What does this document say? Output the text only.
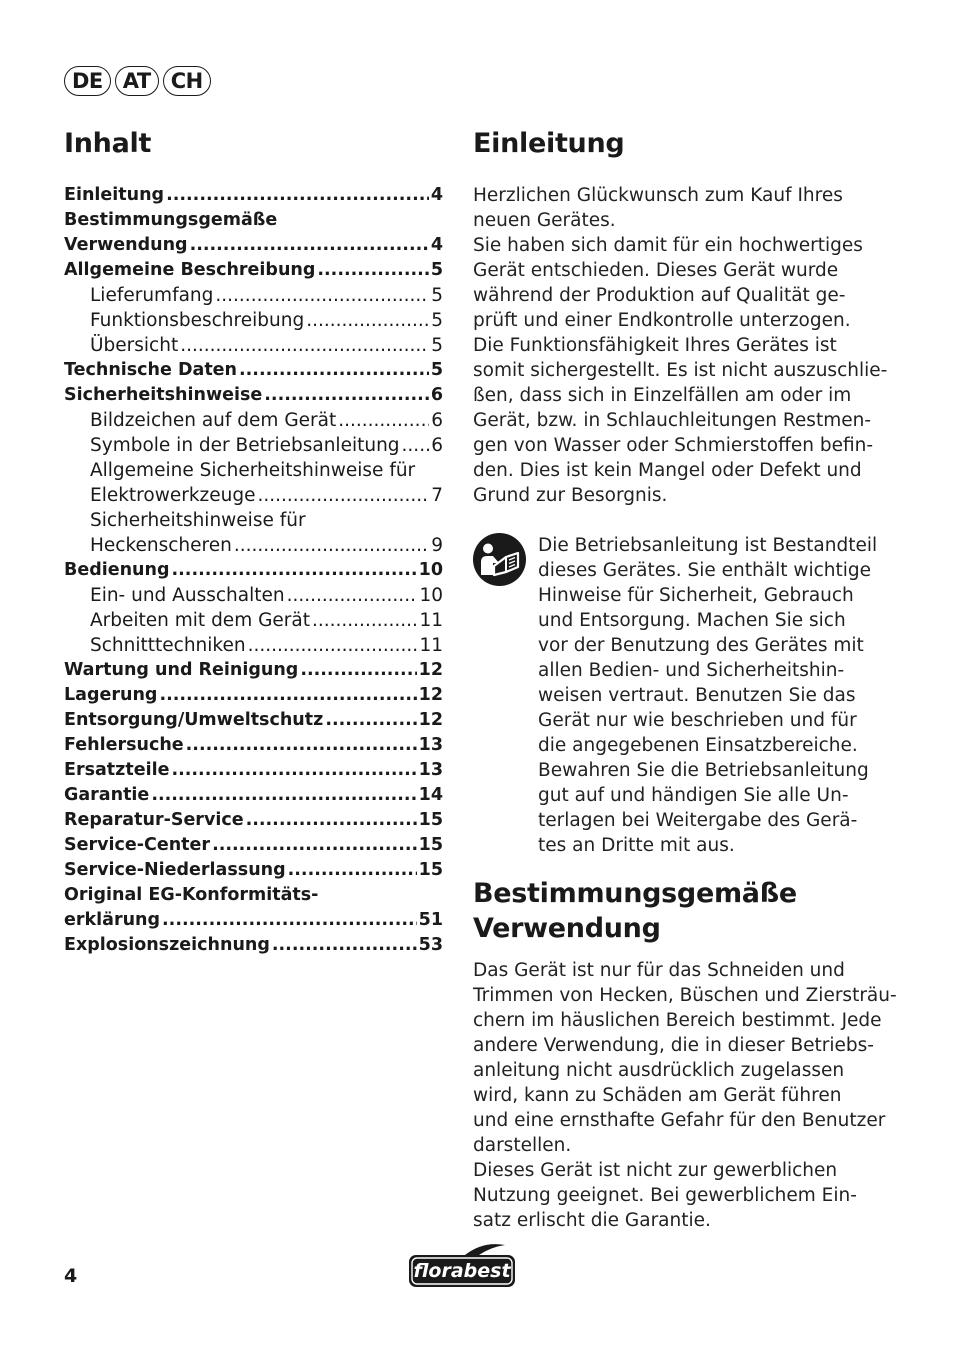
DE AT CH
Inhalt
Einleitung .....	4
Bestimmungsgemäße
Verwendung .....	4
Allgemeine Beschreibung .....	5
Lieferumfang .....	5
Funktionsbeschreibung .....	5
Übersicht .....	5
Technische Daten .....	5
Sicherheitshinweise .....	6
Bildzeichen auf dem Gerät .....	6
Symbole in der Betriebsanleitung ..... 6
Allgemeine Sicherheitshinweise für
Elektrowerkzeuge .....	7
Sicherheitshinweise für
Heckenscheren .....	9
Bedienung .....	10
Ein- und Ausschalten .....	10
Arbeiten mit dem Gerät .....	11
Schnitttechniken .....	11
Wartung und Reinigung .....	12
Lagerung .....	12
Entsorgung/Umweltschutz .....	12
Fehlersuche .....	13
Ersatzteile .....	13
Garantie .....	14
Reparatur-Service .....	15
Service-Center .....	15
Service-Niederlassung .....	15
Original EG-Konformitäts-
erklärung .....	51
Explosionszeichnung .....	53
Einleitung
Herzlichen Glückwunsch zum Kauf Ihres
neuen Gerätes.
Sie haben sich damit für ein hochwertiges
Gerät entschieden. Dieses Gerät wurde
während der Produktion auf Qualität ge-
prüft und einer Endkontrolle unterzogen.
Die Funktionsfähigkeit Ihres Gerätes ist
somit sichergestellt. Es ist nicht auszuschlie-
ßen, dass sich in Einzelfällen am oder im
Gerät, bzw. in Schlauchleitungen Restmen-
gen von Wasser oder Schmierstoffen befin-
den. Dies ist kein Mangel oder Defekt und
Grund zur Besorgnis.
Die Betriebsanleitung ist Bestandteil
dieses Gerätes. Sie enthält wichtige
Hinweise für Sicherheit, Gebrauch
und Entsorgung. Machen Sie sich
vor der Benutzung des Gerätes mit
allen Bedien- und Sicherheitshin-
weisen vertraut. Benutzen Sie das
Gerät nur wie beschrieben und für
die angegebenen Einsatzbereiche.
Bewahren Sie die Betriebsanleitung
gut auf und händigen Sie alle Un-
terlagen bei Weitergabe des Gerä-
tes an Dritte mit aus.
Bestimmungsgemäße
Verwendung
Das Gerät ist nur für das Schneiden und
Trimmen von Hecken, Büschen und Ziersträu-
chern im häuslichen Bereich bestimmt. Jede
andere Verwendung, die in dieser Betriebs-
anleitung nicht ausdrücklich zugelassen
wird, kann zu Schäden am Gerät führen
und eine ernsthafte Gefahr für den Benutzer
darstellen.
Dieses Gerät ist nicht zur gewerblichen
Nutzung geeignet. Bei gewerblichem Ein-
satz erlischt die Garantie.
4	florabest
